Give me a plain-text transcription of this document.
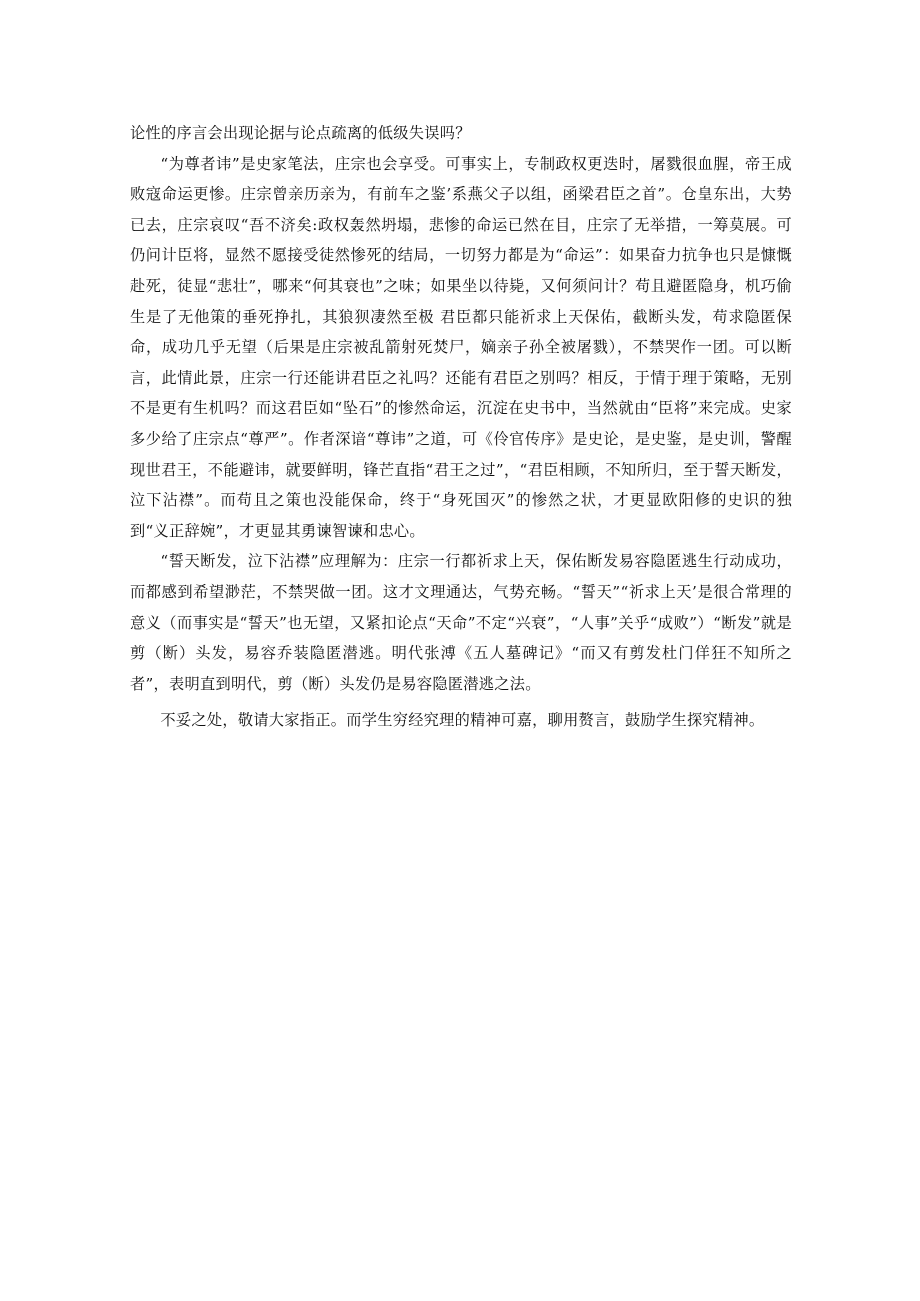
论性的序言会出现论据与论点疏离的低级失误吗？

“为尊者讳”是史家笔法，庄宗也会享受。可事实上，专制政权更迭时，屠戮很血腥，帝王成败寇命运更惨。庄宗曾亲历亲为，有前车之鉴’系燕父子以组，函梁君臣之首”。仓皇东出，大势已去，庄宗哀叹“吾不济矣:政权轰然坍塌，悲惨的命运已然在目，庄宗了无举措，一筹莫展。可仍问计臣将，显然不愿接受徒然惨死的结局，一切努力都是为“命运”：如果奋力抗争也只是慷慨赴死，徒显“悲壮”，哪来“何其衰也”之味；如果坐以待毙，又何须问计？苟且避匿隐身，机巧偷生是了无他策的垂死挣扎，其狼狈凄然至极 君臣都只能祈求上天保佑，截断头发，苟求隐匿保命，成功几乎无望（后果是庄宗被乱箭射死焚尸，嫡亲子孙全被屠戮），不禁哭作一团。可以断言，此情此景，庄宗一行还能讲君臣之礼吗？还能有君臣之别吗？相反，于情于理于策略，无别不是更有生机吗？而这君臣如“坠石”的惨然命运，沉淀在史书中，当然就由“臣将”来完成。史家多少给了庄宗点“尊严”。作者深谙“尊讳”之道，可《伶官传序》是史论，是史鉴，是史训，警醒现世君王，不能避讳，就要鲜明，锋芒直指“君王之过”，“君臣相顾，不知所归，至于誓天断发，泣下沾襟”。而苟且之策也没能保命，终于“身死国灭”的惨然之状，才更显欧阳修的史识的独到“义正辞婉”，才更显其勇谏智谏和忠心。

“誓天断发，泣下沾襟”应理解为：庄宗一行都祈求上天，保佑断发易容隐匿逃生行动成功，而都感到希望渺茫，不禁哭做一团。这才文理通达，气势充畅。“誓天”“祈求上天’是很合常理的意义（而事实是“誓天”也无望，又紧扣论点“天命”不定“兴衰”，“人事”关乎“成败”）“断发”就是剪（断）头发，易容乔装隐匿潜逃。明代张溥《五人墓碑记》“而又有剪发杜门佯狂不知所之者”，表明直到明代，剪（断）头发仍是易容隐匿潜逃之法。

不妥之处，敬请大家指正。而学生穷经究理的精神可嘉，聊用赘言，鼓励学生探究精神。
